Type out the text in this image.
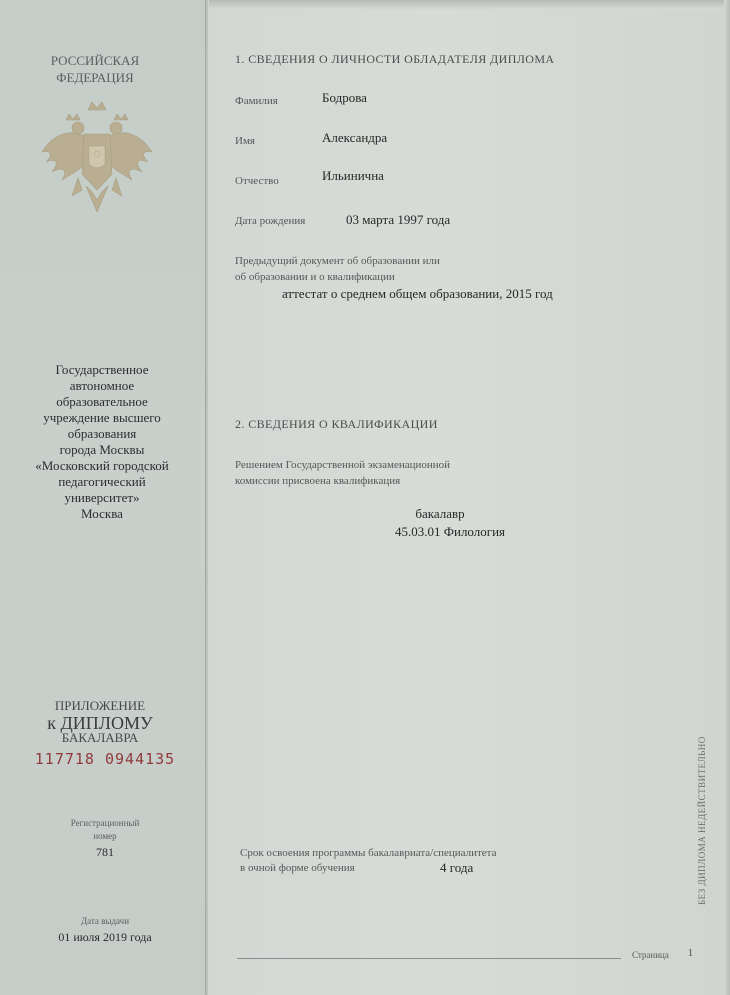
РОССИЙСКАЯ
ФЕДЕРАЦИЯ
Государственное
автономное
образовательное
учреждение высшего
образования
города Москвы
«Московский городской
педагогический
университет»
Москва
ПРИЛОЖЕНИЕ
к ДИПЛОМУ
БАКАЛАВРА
117718 0944135
Регистрационный
номер
781
Дата выдачи
01 июля 2019 года
1. СВЕДЕНИЯ О ЛИЧНОСТИ ОБЛАДАТЕЛЯ ДИПЛОМА
Фамилия	Бодрова
Имя	Александра
Отчество	Ильинична
Дата рождения	03 марта 1997 года
Предыдущий документ об образовании или
об образовании и о квалификации
аттестат о среднем общем образовании, 2015 год
2. СВЕДЕНИЯ О КВАЛИФИКАЦИИ
Решением Государственной экзаменационной
комиссии присвоена квалификация
бакалавр
45.03.01 Филология
Срок освоения программы бакалавриата/специалитета
в очной форме обучения	4 года	БЕЗ ДИПЛОМА НЕДЕЙСТВИТЕЛЬНО
Страница 1
